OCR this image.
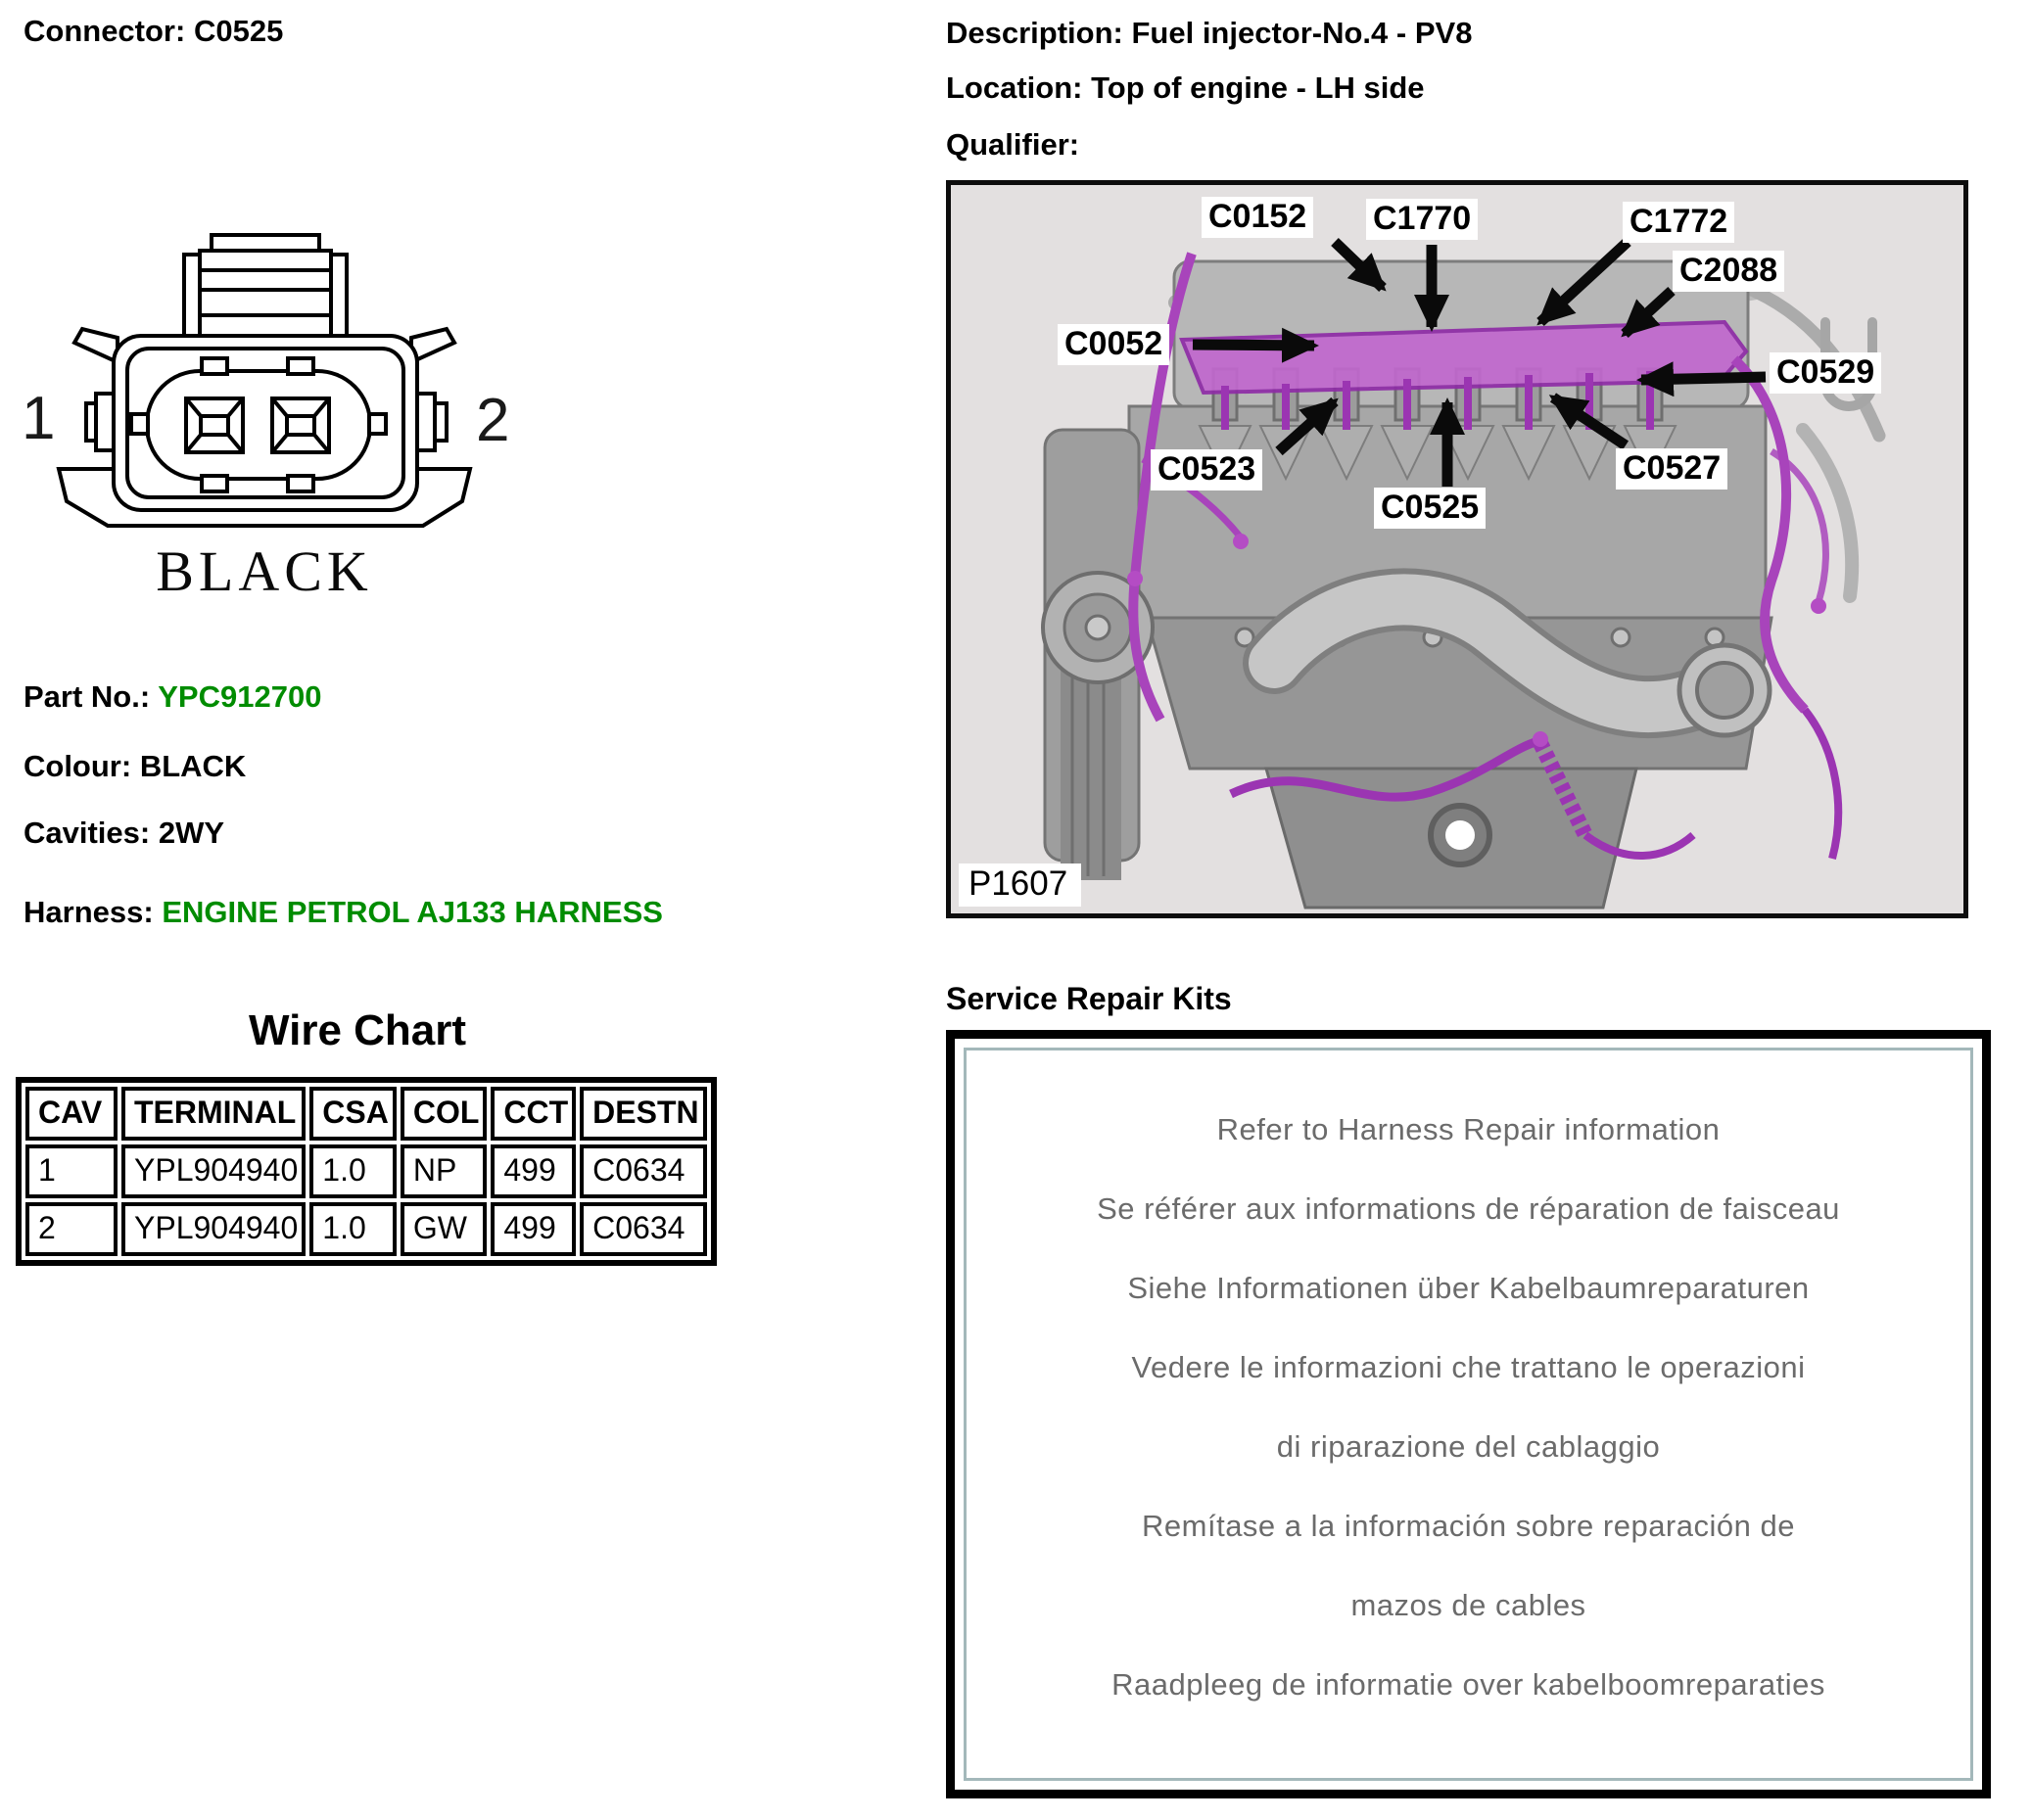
Connector: C0525
1	2
BLACK
Part No.: YPC912700
Colour: BLACK
Cavities: 2WY
Harness: ENGINE PETROL AJ133 HARNESS
Wire Chart
CAV	TERMINAL	CSA	COL	CCT	DESTN
1	YPL904940	1.0	NP	499	C0634
2	YPL904940	1.0	GW	499	C0634
Description: Fuel injector-No.4 - PV8
Location: Top of engine - LH side
Qualifier:
C0152 C1770	C1772
C2088
C0052
C0529
C0523	C0527
C0525
P1607
Service Repair Kits

Refer to Harness Repair information

Se référer aux informations de réparation de faisceau

Siehe Informationen über Kabelbaumreparaturen

Vedere le informazioni che trattano le operazioni

di riparazione del cablaggio

Remítase a la información sobre reparación de

mazos de cables

Raadpleeg de informatie over kabelboomreparaties
